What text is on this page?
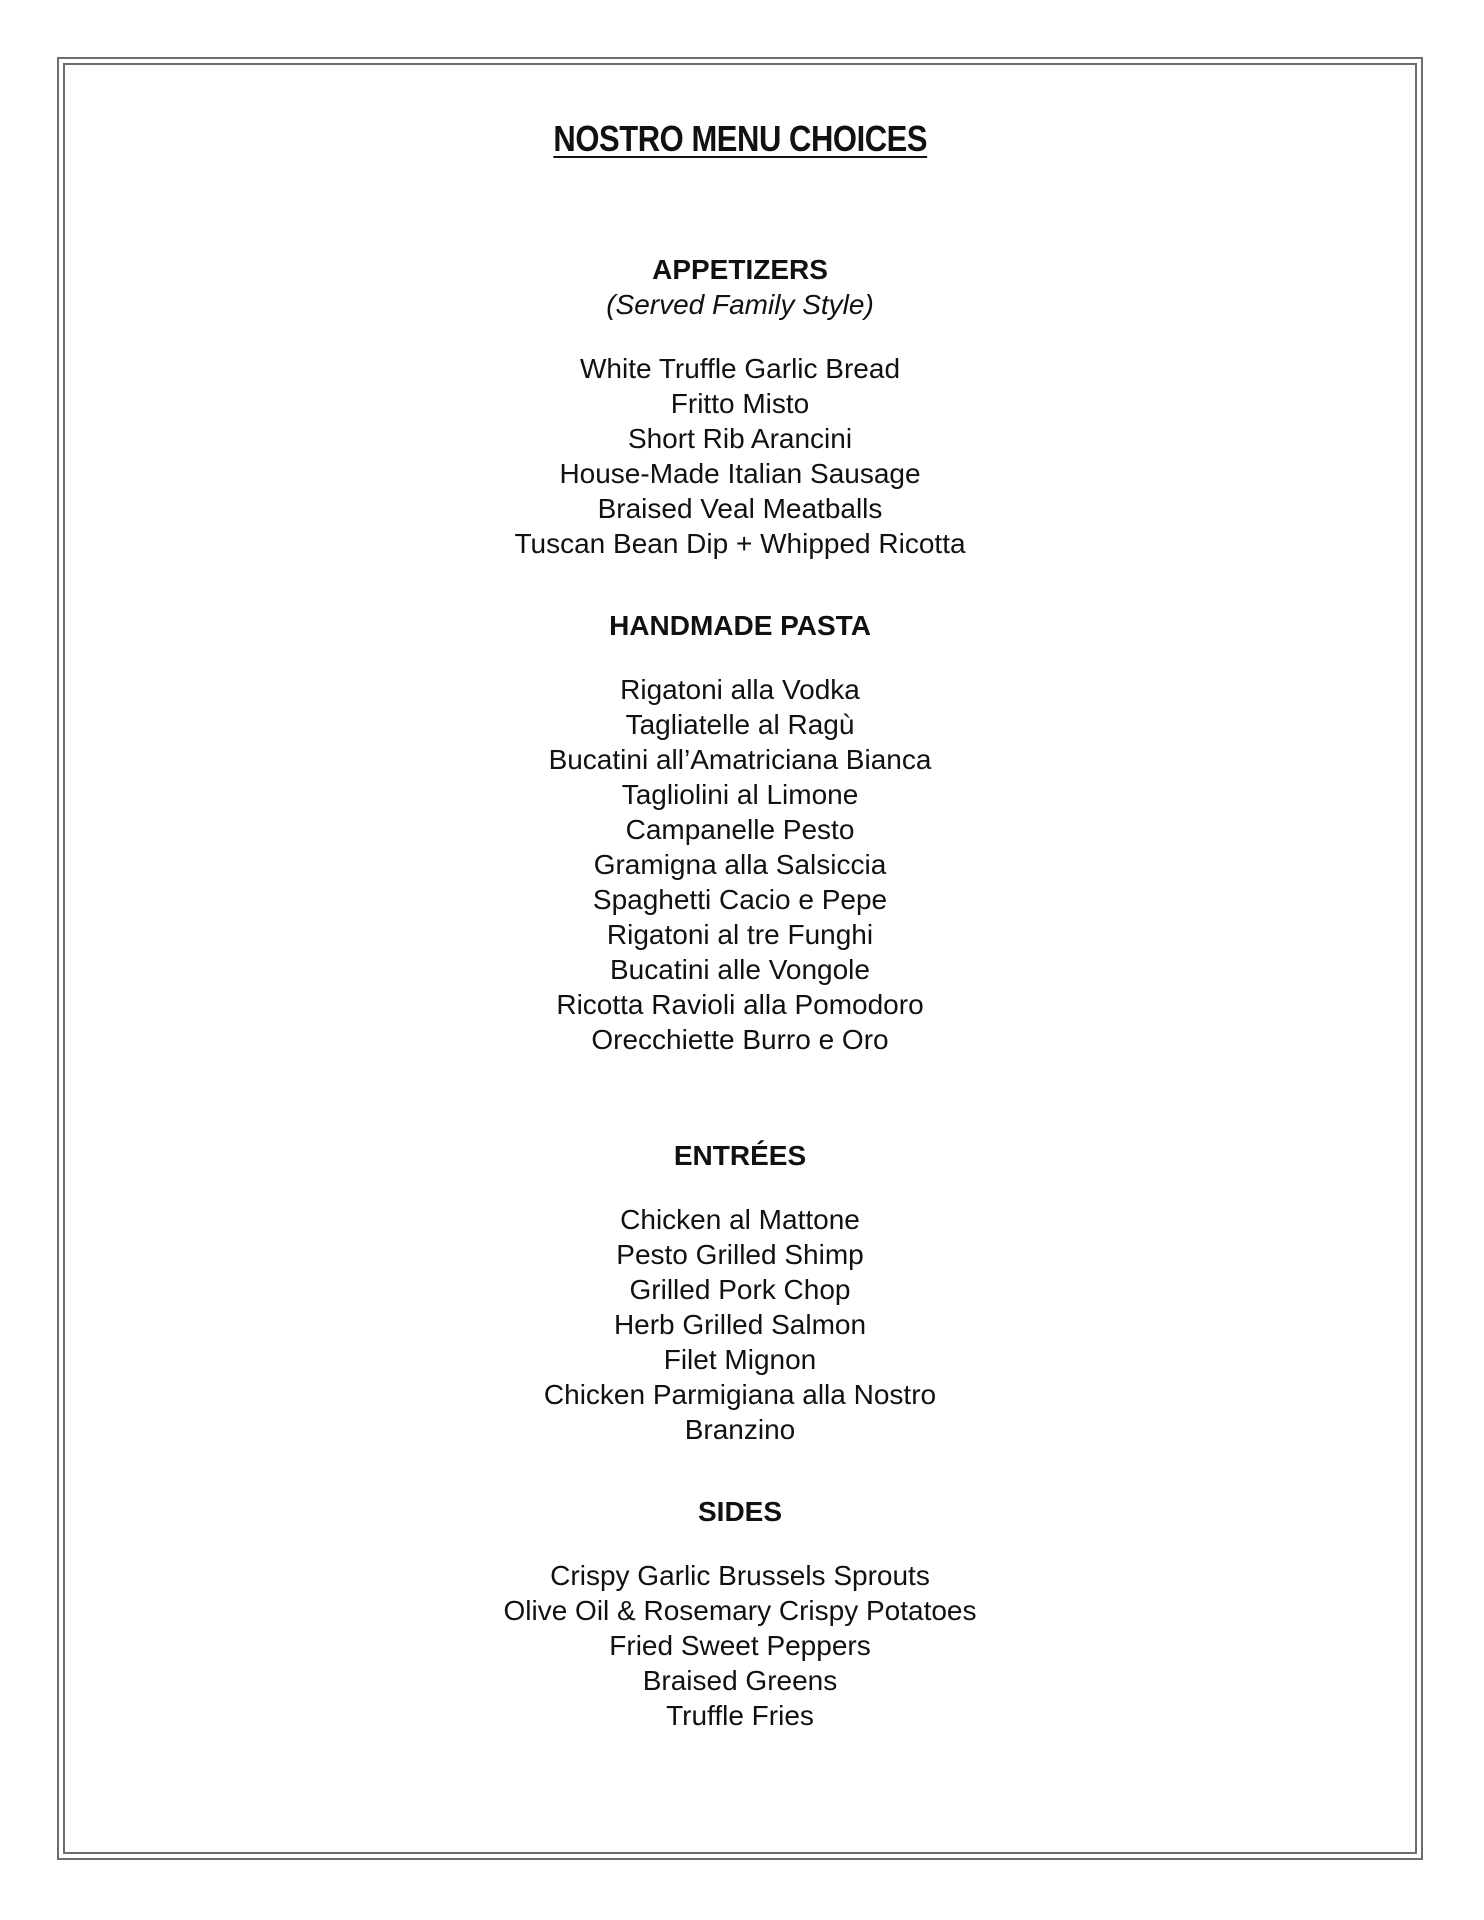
NOSTRO MENU CHOICES

APPETIZERS

(Served Family Style)

White Truffle Garlic Bread
Fritto Misto
Short Rib Arancini
House-Made Italian Sausage
Braised Veal Meatballs
Tuscan Bean Dip + Whipped Ricotta

HANDMADE PASTA

Rigatoni alla Vodka
Tagliatelle al Ragù
Bucatini all’Amatriciana Bianca
Tagliolini al Limone
Campanelle Pesto
Gramigna alla Salsiccia
Spaghetti Cacio e Pepe
Rigatoni al tre Funghi
Bucatini alle Vongole
Ricotta Ravioli alla Pomodoro
Orecchiette Burro e Oro

ENTRÉES

Chicken al Mattone
Pesto Grilled Shimp
Grilled Pork Chop
Herb Grilled Salmon
Filet Mignon
Chicken Parmigiana alla Nostro
Branzino

SIDES

Crispy Garlic Brussels Sprouts
Olive Oil & Rosemary Crispy Potatoes
Fried Sweet Peppers
Braised Greens
Truffle Fries
